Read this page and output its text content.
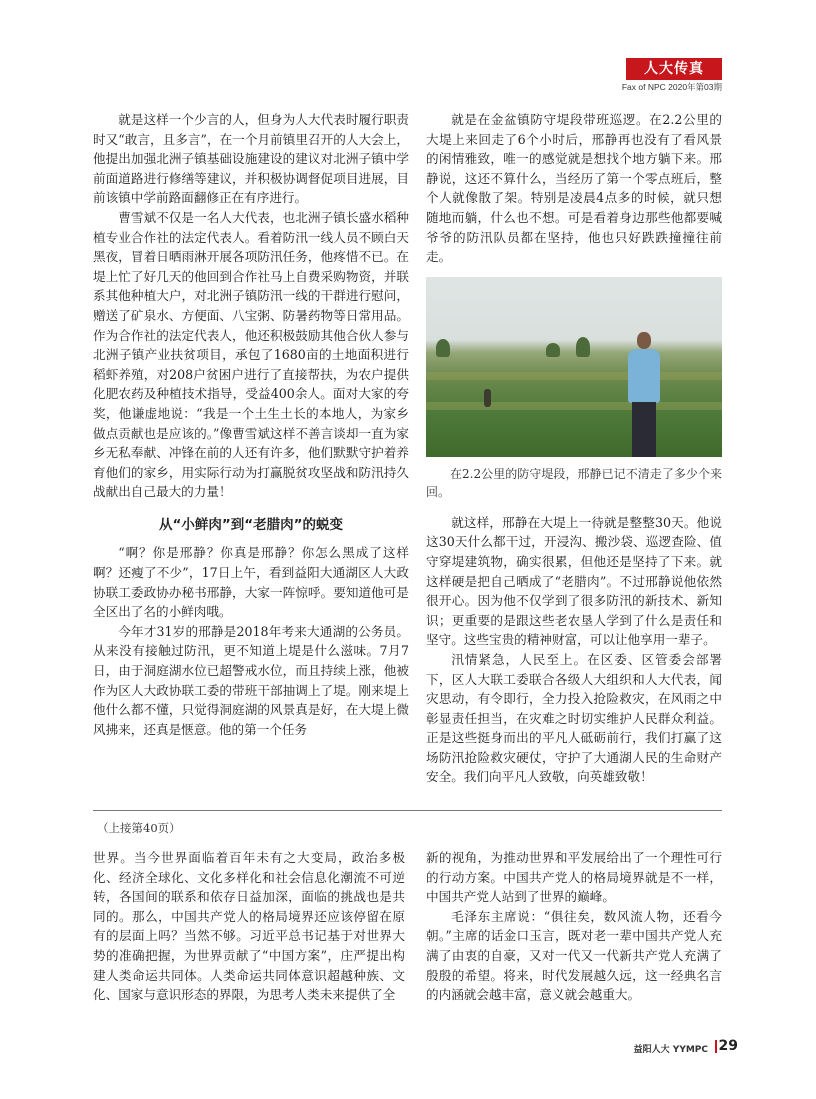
人大传真
Fax of NPC 2020年第03期

就是这样一个少言的人，但身为人大代表时履行职责时又“敢言，且多言”，在一个月前镇里召开的人大会上，他提出加强北洲子镇基础设施建设的建议对北洲子镇中学前面道路进行修缮等建议，并积极协调督促项目进展，目前该镇中学前路面翻修正在有序进行。

曹雪斌不仅是一名人大代表，也北洲子镇长盛水稻种植专业合作社的法定代表人。看着防汛一线人员不顾白天黑夜，冒着日晒雨淋开展各项防汛任务，他疼惜不已。在堤上忙了好几天的他回到合作社马上自费采购物资，并联系其他种植大户，对北洲子镇防汛一线的干群进行慰问，赠送了矿泉水、方便面、八宝粥、防暑药物等日常用品。作为合作社的法定代表人，他还积极鼓励其他合伙人参与北洲子镇产业扶贫项目，承包了1680亩的土地面积进行稻虾养殖，对208户贫困户进行了直接帮扶，为农户提供化肥农药及种植技术指导，受益400余人。面对大家的夸奖，他谦虚地说：“我是一个土生土长的本地人，为家乡做点贡献也是应该的。”像曹雪斌这样不善言谈却一直为家乡无私奉献、冲锋在前的人还有许多，他们默默守护着养育他们的家乡，用实际行动为打赢脱贫攻坚战和防汛持久战献出自己最大的力量！

从“小鲜肉”到“老腊肉”的蜕变

“啊？你是邢静？你真是邢静？你怎么黑成了这样啊？还瘦了不少”，17日上午，看到益阳大通湖区人大政协联工委政协办秘书邢静，大家一阵惊呼。要知道他可是全区出了名的小鲜肉哦。

今年才31岁的邢静是2018年考来大通湖的公务员。从来没有接触过防汛，更不知道上堤是什么滋味。7月7日，由于洞庭湖水位已超警戒水位，而且持续上涨，他被作为区人大政协联工委的带班干部抽调上了堤。刚来堤上他什么都不懂，只觉得洞庭湖的风景真是好，在大堤上微风拂来，还真是惬意。他的第一个任务

就是在金盆镇防守堤段带班巡逻。在2.2公里的大堤上来回走了6个小时后，邢静再也没有了看风景的闲情雅致，唯一的感觉就是想找个地方躺下来。邢静说，这还不算什么，当经历了第一个零点班后，整个人就像散了架。特别是凌晨4点多的时候，就只想随地而躺，什么也不想。可是看着身边那些他都要喊爷爷的防汛队员都在坚持，他也只好跌跌撞撞往前走。

在2.2公里的防守堤段，邢静已记不清走了多少个来回。

就这样，邢静在大堤上一待就是整整30天。他说这30天什么都干过，开浸沟、搬沙袋、巡逻查险、值守穿堤建筑物，确实很累，但他还是坚持了下来。就这样硬是把自己晒成了“老腊肉”。不过邢静说他依然很开心。因为他不仅学到了很多防汛的新技术、新知识；更重要的是跟这些老农垦人学到了什么是责任和坚守。这些宝贵的精神财富，可以让他享用一辈子。

汛情紧急，人民至上。在区委、区管委会部署下，区人大联工委联合各级人大组织和人大代表，闻灾思动，有令即行，全力投入抢险救灾，在风雨之中彰显责任担当，在灾难之时切实维护人民群众利益。正是这些挺身而出的平凡人砥砺前行，我们打赢了这场防汛抢险救灾硬仗，守护了大通湖人民的生命财产安全。我们向平凡人致敬，向英雄致敬！

（上接第40页）

世界。当今世界面临着百年未有之大变局，政治多极化、经济全球化、文化多样化和社会信息化潮流不可逆转，各国间的联系和依存日益加深，面临的挑战也是共同的。那么，中国共产党人的格局境界还应该停留在原有的层面上吗？当然不够。习近平总书记基于对世界大势的准确把握，为世界贡献了“中国方案”，庄严提出构建人类命运共同体。人类命运共同体意识超越种族、文化、国家与意识形态的界限，为思考人类未来提供了全

新的视角，为推动世界和平发展给出了一个理性可行的行动方案。中国共产党人的格局境界就是不一样，中国共产党人站到了世界的巅峰。

毛泽东主席说：“俱往矣，数风流人物，还看今朝。”主席的话金口玉言，既对老一辈中国共产党人充满了由衷的自豪，又对一代又一代新共产党人充满了殷殷的希望。将来，时代发展越久远，这一经典名言的内涵就会越丰富，意义就会越重大。

益阳人大 YYMPC 29
